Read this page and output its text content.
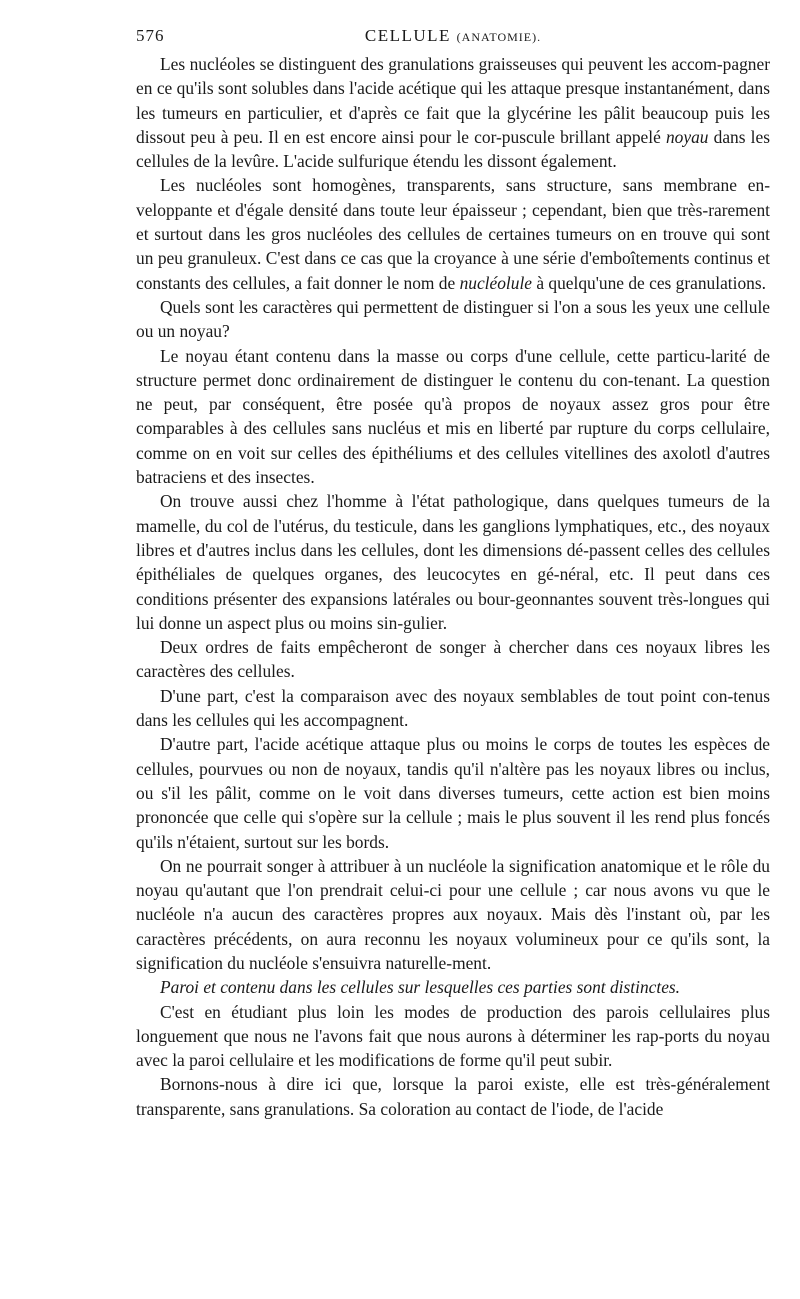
576	CELLULE (ANATOMIE).

Les nucléoles se distinguent des granulations graisseuses qui peuvent les accom-pagner en ce qu'ils sont solubles dans l'acide acétique qui les attaque presque instantanément, dans les tumeurs en particulier, et d'après ce fait que la glycérine les pâlit beaucoup puis les dissout peu à peu. Il en est encore ainsi pour le cor-puscule brillant appelé noyau dans les cellules de la levûre. L'acide sulfurique étendu les dissont également.

Les nucléoles sont homogènes, transparents, sans structure, sans membrane en-veloppante et d'égale densité dans toute leur épaisseur ; cependant, bien que très-rarement et surtout dans les gros nucléoles des cellules de certaines tumeurs on en trouve qui sont un peu granuleux. C'est dans ce cas que la croyance à une série d'emboîtements continus et constants des cellules, a fait donner le nom de nucléolule à quelqu'une de ces granulations.

Quels sont les caractères qui permettent de distinguer si l'on a sous les yeux une cellule ou un noyau?

Le noyau étant contenu dans la masse ou corps d'une cellule, cette particu-larité de structure permet donc ordinairement de distinguer le contenu du con-tenant. La question ne peut, par conséquent, être posée qu'à propos de noyaux assez gros pour être comparables à des cellules sans nucléus et mis en liberté par rupture du corps cellulaire, comme on en voit sur celles des épithéliums et des cellules vitellines des axolotl d'autres batraciens et des insectes.

On trouve aussi chez l'homme à l'état pathologique, dans quelques tumeurs de la mamelle, du col de l'utérus, du testicule, dans les ganglions lymphatiques, etc., des noyaux libres et d'autres inclus dans les cellules, dont les dimensions dé-passent celles des cellules épithéliales de quelques organes, des leucocytes en gé-néral, etc. Il peut dans ces conditions présenter des expansions latérales ou bour-geonnantes souvent très-longues qui lui donne un aspect plus ou moins sin-gulier.

Deux ordres de faits empêcheront de songer à chercher dans ces noyaux libres les caractères des cellules.

D'une part, c'est la comparaison avec des noyaux semblables de tout point con-tenus dans les cellules qui les accompagnent.

D'autre part, l'acide acétique attaque plus ou moins le corps de toutes les espèces de cellules, pourvues ou non de noyaux, tandis qu'il n'altère pas les noyaux libres ou inclus, ou s'il les pâlit, comme on le voit dans diverses tumeurs, cette action est bien moins prononcée que celle qui s'opère sur la cellule ; mais le plus souvent il les rend plus foncés qu'ils n'étaient, surtout sur les bords.

On ne pourrait songer à attribuer à un nucléole la signification anatomique et le rôle du noyau qu'autant que l'on prendrait celui-ci pour une cellule ; car nous avons vu que le nucléole n'a aucun des caractères propres aux noyaux. Mais dès l'instant où, par les caractères précédents, on aura reconnu les noyaux volumineux pour ce qu'ils sont, la signification du nucléole s'ensuivra naturelle-ment.

Paroi et contenu dans les cellules sur lesquelles ces parties sont distinctes.

C'est en étudiant plus loin les modes de production des parois cellulaires plus longuement que nous ne l'avons fait que nous aurons à déterminer les rap-ports du noyau avec la paroi cellulaire et les modifications de forme qu'il peut subir.

Bornons-nous à dire ici que, lorsque la paroi existe, elle est très-généralement transparente, sans granulations. Sa coloration au contact de l'iode, de l'acide
